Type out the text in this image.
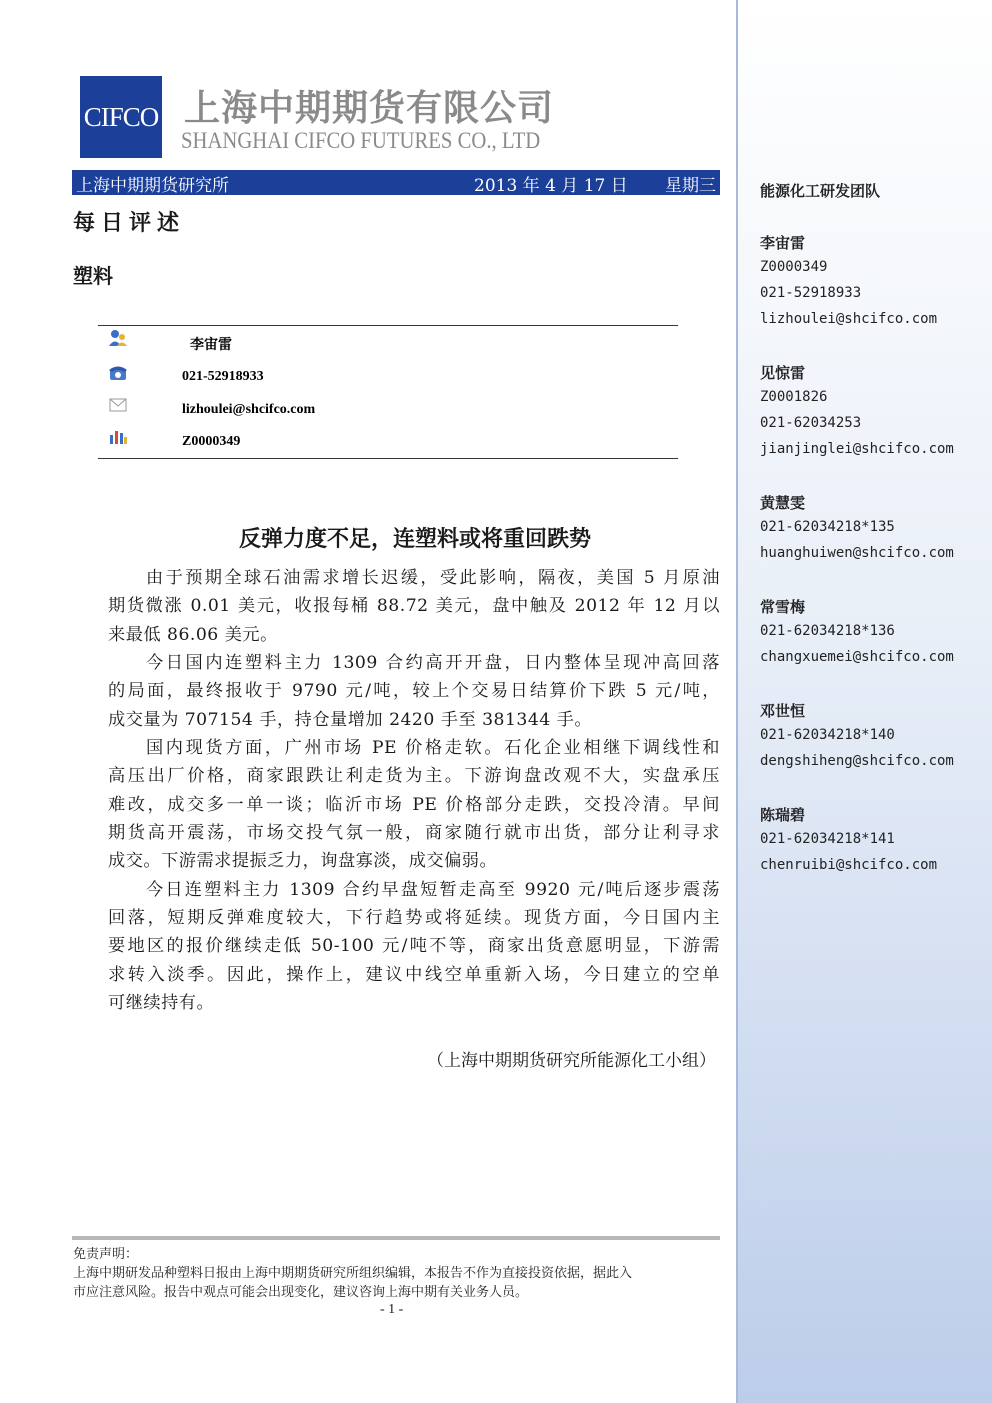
CIFCO 上海中期期货有限公司
SHANGHAI CIFCO FUTURES CO., LTD
上海中期期货研究所	2013 年 4 月 17 日 星期三
每日评述
塑料
李宙雷
021-52918933
lizhoulei@shcifco.com
Z0000349
反弹力度不足，连塑料或将重回跌势
由于预期全球石油需求增长迟缓，受此影响，隔夜，美国 5 月原油
期货微涨 0.01 美元，收报每桶 88.72 美元，盘中触及 2012 年 12 月以
来最低 86.06 美元。
今日国内连塑料主力 1309 合约高开开盘，日内整体呈现冲高回落
的局面，最终报收于 9790 元/吨，较上个交易日结算价下跌 5 元/吨，
成交量为 707154 手，持仓量增加 2420 手至 381344 手。
国内现货方面，广州市场 PE 价格走软。石化企业相继下调线性和
高压出厂价格，商家跟跌让利走货为主。下游询盘改观不大，实盘承压
难改，成交多一单一谈；临沂市场 PE 价格部分走跌，交投冷清。早间
期货高开震荡，市场交投气氛一般，商家随行就市出货，部分让利寻求
成交。下游需求提振乏力，询盘寡淡，成交偏弱。
今日连塑料主力 1309 合约早盘短暂走高至 9920 元/吨后逐步震荡
回落，短期反弹难度较大，下行趋势或将延续。现货方面，今日国内主
要地区的报价继续走低 50-100 元/吨不等，商家出货意愿明显，下游需
求转入淡季。因此，操作上，建议中线空单重新入场，今日建立的空单
可继续持有。
（上海中期期货研究所能源化工小组）
免责声明：
上海中期研发品种塑料日报由上海中期期货研究所组织编辑，本报告不作为直接投资依据，据此入
市应注意风险。报告中观点可能会出现变化，建议咨询上海中期有关业务人员。
- 1 -
能源化工研发团队
李宙雷
Z0000349
021-52918933
lizhoulei@shcifco.com
见惊雷
Z0001826
021-62034253
jianjinglei@shcifco.com
黄慧雯
021-62034218*135
huanghuiwen@shcifco.com
常雪梅
021-62034218*136
changxuemei@shcifco.com
邓世恒
021-62034218*140
dengshiheng@shcifco.com
陈瑞碧
021-62034218*141
chenruibi@shcifco.com
